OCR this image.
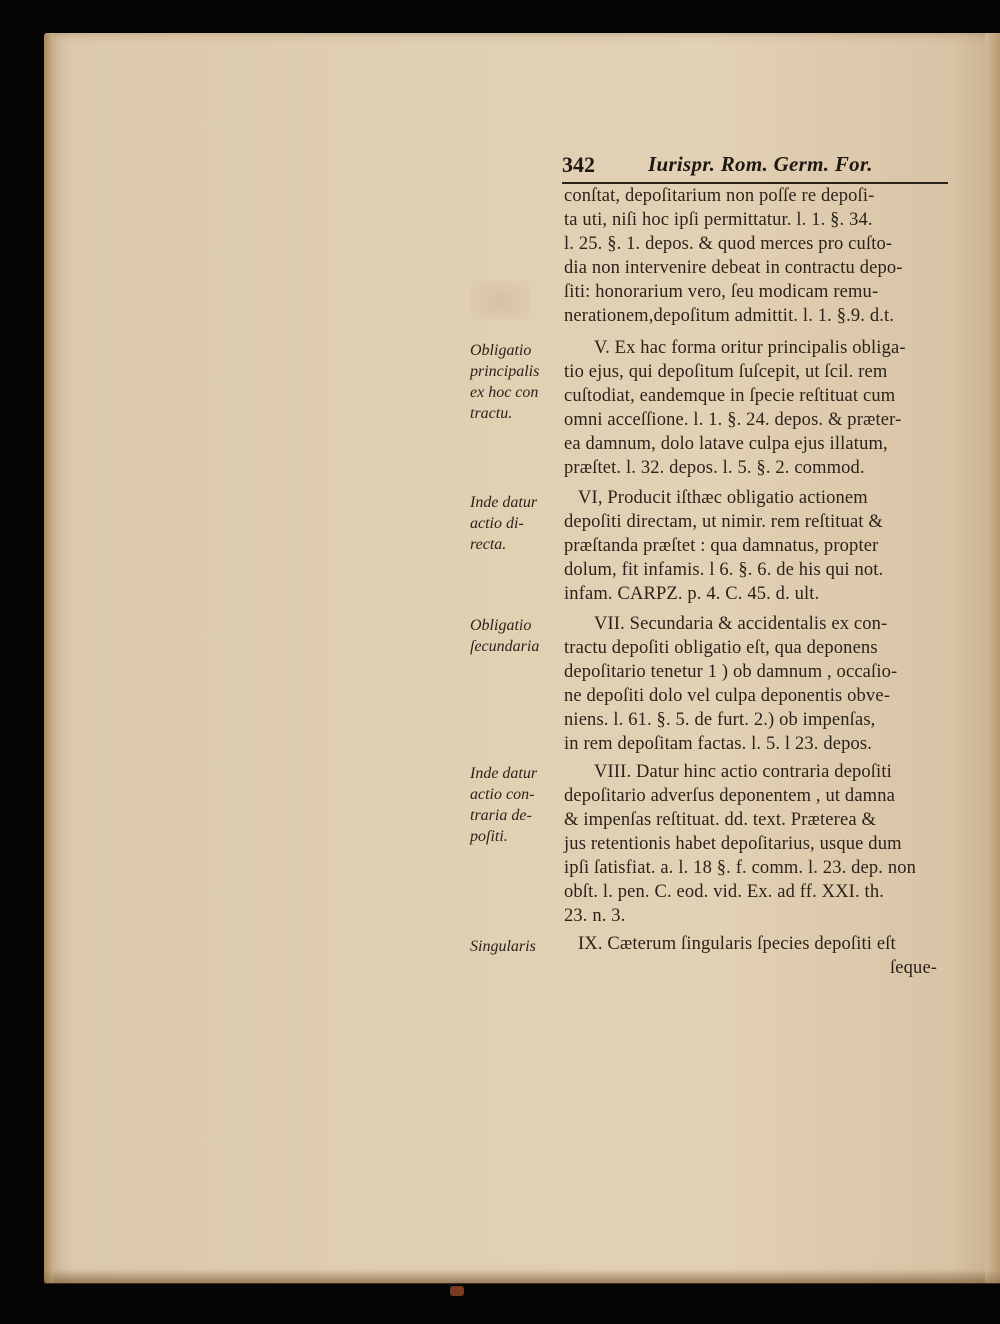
342	Iurispr. Rom. Germ. For.
conſtat, depoſitarium non poſſe re depoſi-
ta uti, niſi hoc ipſi permittatur. l. 1. §. 34.
l. 25. §. 1. depos. & quod merces pro cuſto-
dia non intervenire debeat in contractu depo-
ſiti: honorarium vero, ſeu modicam remu-
nerationem,depoſitum admittit. l. 1. §.9. d.t.
V. Ex hac forma oritur principalis obliga-
tio ejus, qui depoſitum ſuſcepit, ut ſcil. rem
cuſtodiat, eandemque in ſpecie reſtituat cum
omni acceſſione. l. 1. §. 24. depos. & præter-
ea damnum, dolo latave culpa ejus illatum,
præſtet. l. 32. depos. l. 5. §. 2. commod.
VI, Producit iſthæc obligatio actionem
depoſiti directam, ut nimir. rem reſtituat &
præſtanda præſtet : qua damnatus, propter
dolum, fit infamis. l 6. §. 6. de his qui not.
infam. CARPZ. p. 4. C. 45. d. ult.
VII. Secundaria & accidentalis ex con-
tractu depoſiti obligatio eſt, qua deponens
depoſitario tenetur 1 ) ob damnum , occaſio-
ne depoſiti dolo vel culpa deponentis obve-
niens. l. 61. §. 5. de furt. 2.) ob impenſas,
in rem depoſitam factas. l. 5. l 23. depos.
VIII. Datur hinc actio contraria depoſiti
depoſitario adverſus deponentem , ut damna
& impenſas reſtituat. dd. text. Præterea &
jus retentionis habet depoſitarius, usque dum
ipſi ſatisfiat. a. l. 18 §. f. comm. l. 23. dep. non
obſt. l. pen. C. eod. vid. Ex. ad ff. XXI. th.
23. n. 3.
IX. Cæterum ſingularis ſpecies depoſiti eſt
ſeque-
Obligatio
principalis
ex hoc con
tractu.
Inde datur
actio di-
recta.
Obligatio
ſecundaria
Inde datur
actio con-
traria de-
poſiti.
Singularis
